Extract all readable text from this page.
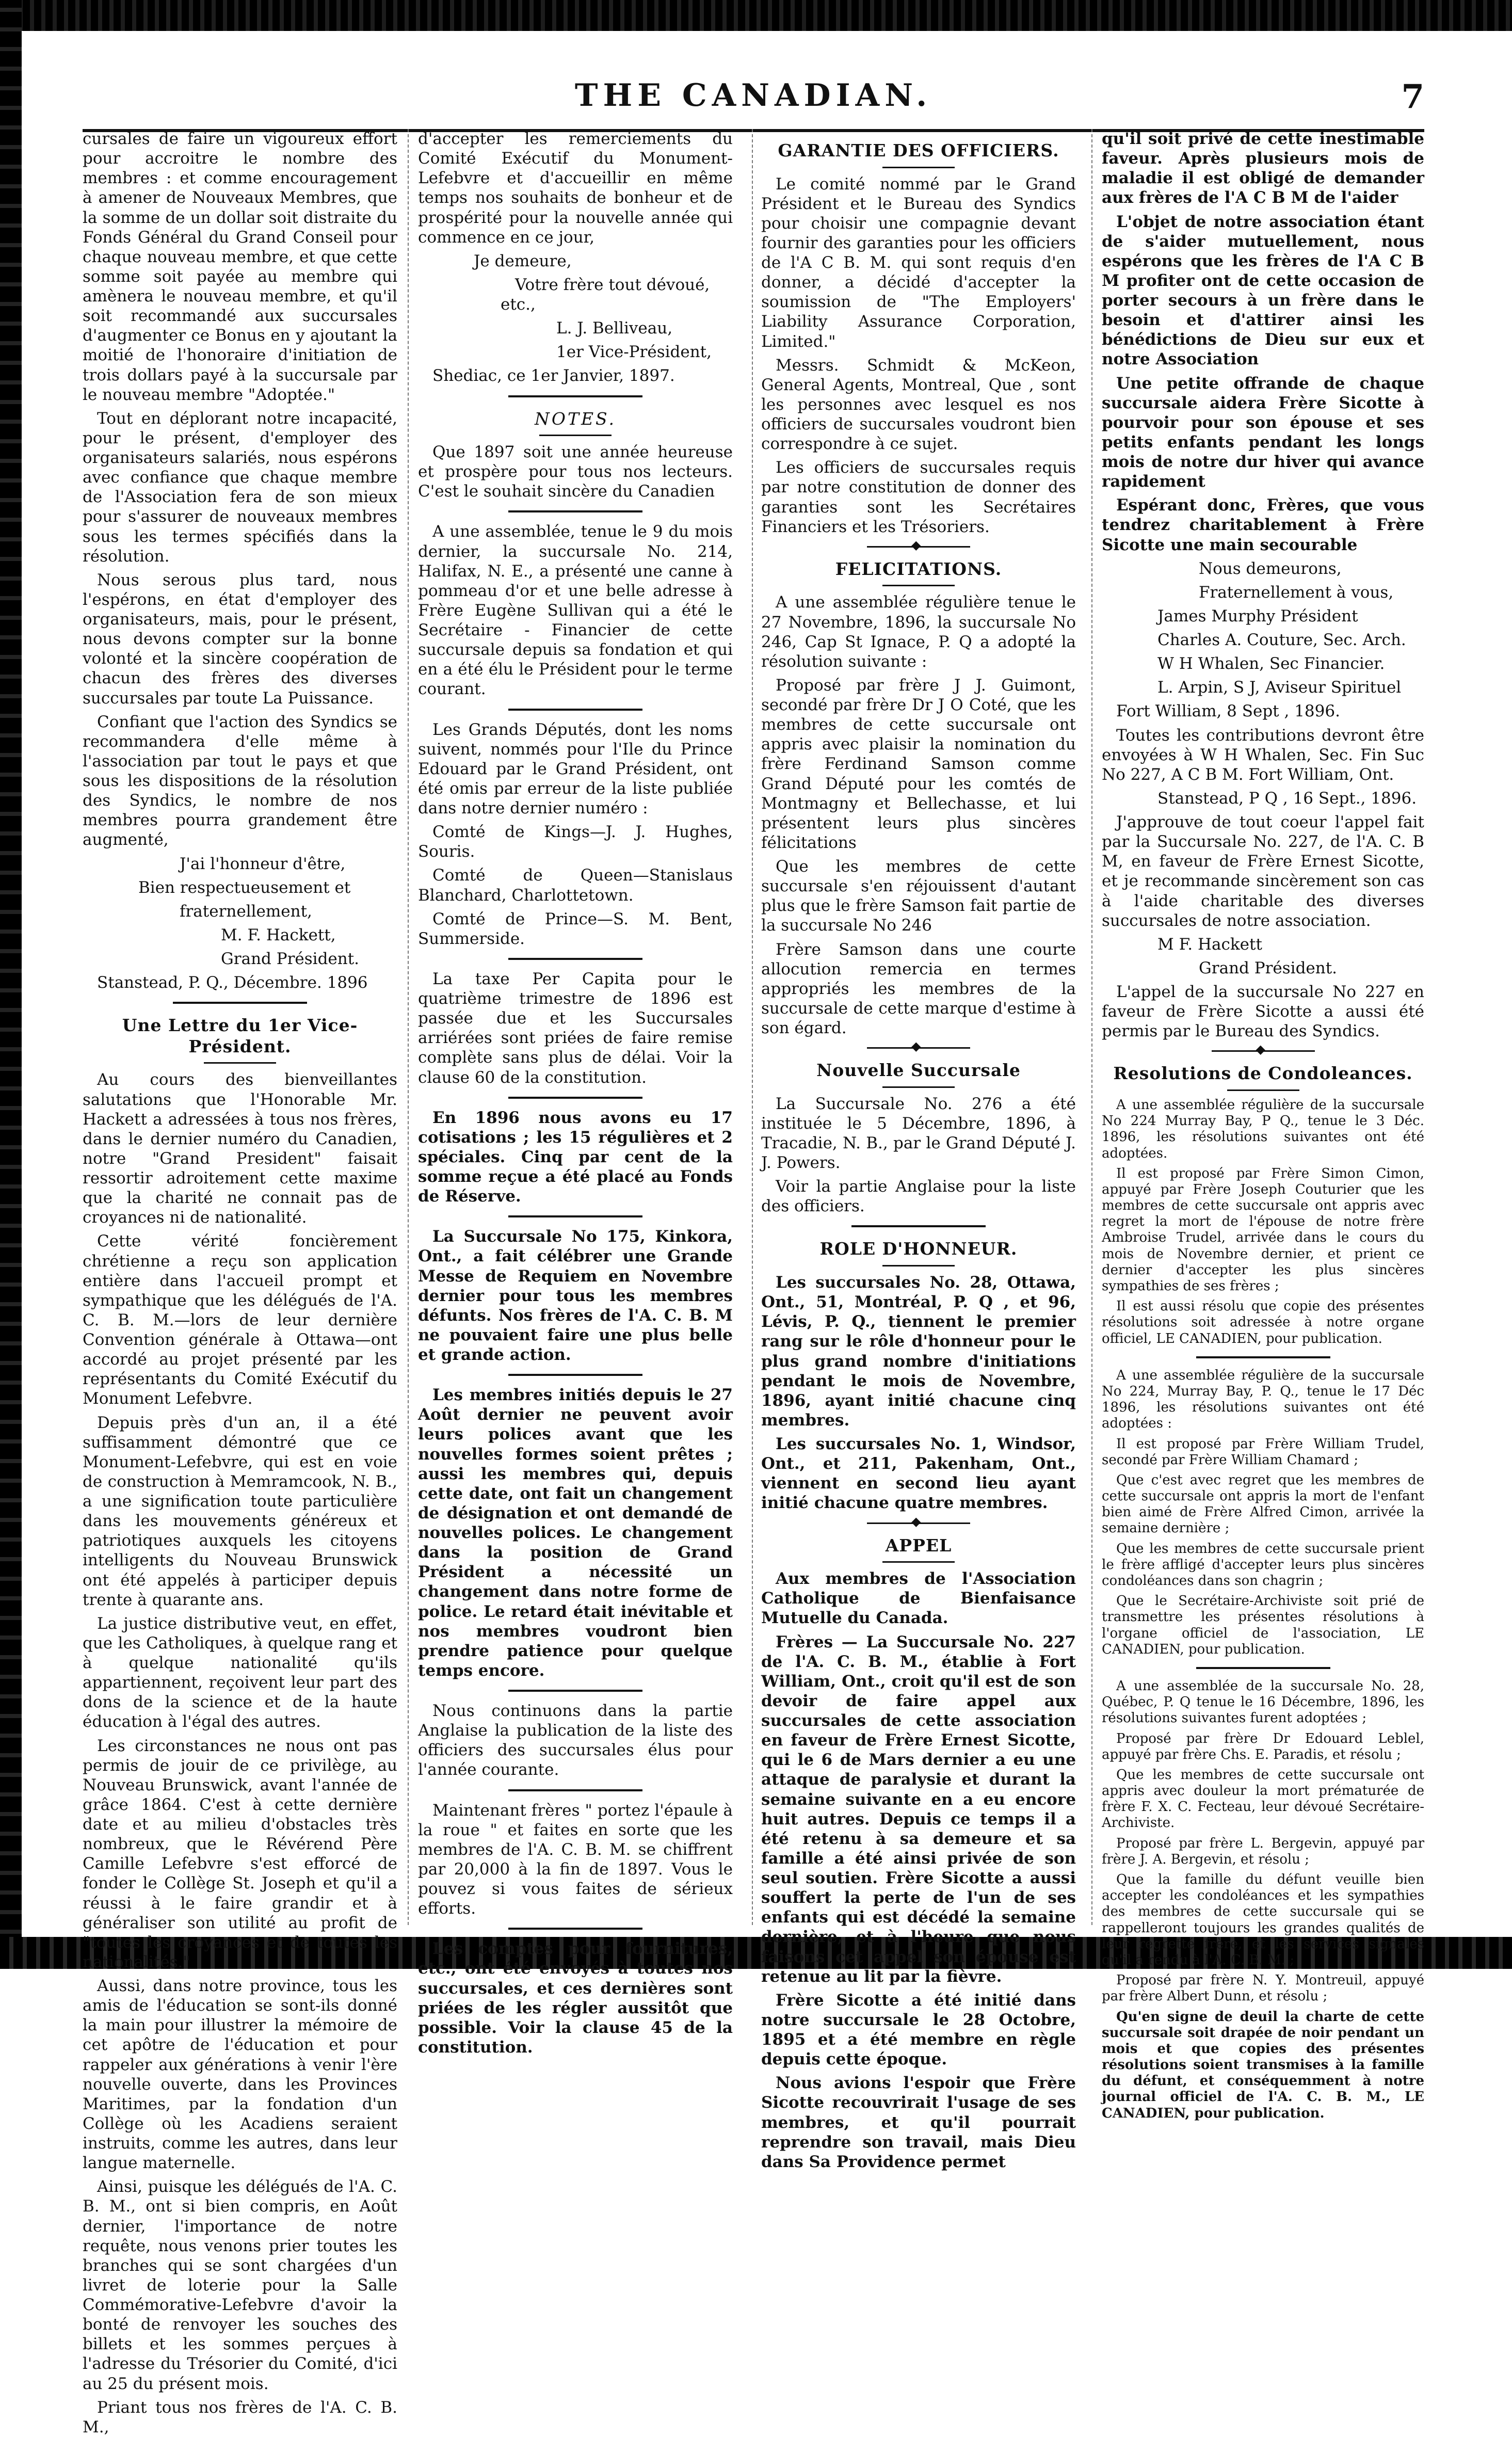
THE CANADIAN.	7

cursales de faire un vigoureux effort pour accroitre le nombre des membres : et comme encouragement à amener de Nouveaux Membres, que la somme de un dollar soit distraite du Fonds Général du Grand Conseil pour chaque nouveau membre, et que cette somme soit payée au membre qui amènera le nouveau membre, et qu'il soit recommandé aux succursales d'augmenter ce Bonus en y ajoutant la moitié de l'honoraire d'initiation de trois dollars payé à la succursale par le nouveau membre "Adoptée."

Tout en déplorant notre incapacité, pour le présent, d'employer des organisateurs salariés, nous espérons avec confiance que chaque membre de l'Association fera de son mieux pour s'assurer de nouveaux membres sous les termes spécifiés dans la résolution.

Nous serous plus tard, nous l'espérons, en état d'employer des organisateurs, mais, pour le présent, nous devons compter sur la bonne volonté et la sincère coopération de chacun des frères des diverses succursales par toute La Puissance.

Confiant que l'action des Syndics se recommandera d'elle même à l'association par tout le pays et que sous les dispositions de la résolution des Syndics, le nombre de nos membres pourra grandement être augmenté,

J'ai l'honneur d'être,

Bien respectueusement et

fraternellement,

M. F. Hackett,

Grand Président.

Stanstead, P. Q., Décembre. 1896

Une Lettre du 1er Vice-Président.

Au cours des bienveillantes salutations que l'Honorable Mr. Hackett a adressées à tous nos frères, dans le dernier numéro du Canadien, notre "Grand President" faisait ressortir adroitement cette maxime que la charité ne connait pas de croyances ni de nationalité.

Cette vérité foncièrement chrétienne a reçu son application entière dans l'accueil prompt et sympathique que les délégués de l'A. C. B. M.—lors de leur dernière Convention générale à Ottawa—ont accordé au projet présenté par les représentants du Comité Exécutif du Monument Lefebvre.

Depuis près d'un an, il a été suffisamment démontré que ce Monument-Lefebvre, qui est en voie de construction à Memramcook, N. B., a une signification toute particulière dans les mouvements généreux et patriotiques auxquels les citoyens intelligents du Nouveau Brunswick ont été appelés à participer depuis trente à quarante ans.

La justice distributive veut, en effet, que les Catholiques, à quelque rang et à quelque nationalité qu'ils appartiennent, reçoivent leur part des dons de la science et de la haute éducation à l'égal des autres.

Les circonstances ne nous ont pas permis de jouir de ce privilège, au Nouveau Brunswick, avant l'année de grâce 1864. C'est à cette dernière date et au milieu d'obstacles très nombreux, que le Révérend Père Camille Lefebvre s'est efforcé de fonder le Collège St. Joseph et qu'il a réussi à le faire grandir et à généraliser son utilité au profit de "toutes les croyances et de toutes les nationalités."

Aussi, dans notre province, tous les amis de l'éducation se sont-ils donné la main pour illustrer la mémoire de cet apôtre de l'éducation et pour rappeler aux générations à venir l'ère nouvelle ouverte, dans les Provinces Maritimes, par la fondation d'un Collège où les Acadiens seraient instruits, comme les autres, dans leur langue maternelle.

Ainsi, puisque les délégués de l'A. C. B. M., ont si bien compris, en Août dernier, l'importance de notre requête, nous venons prier toutes les branches qui se sont chargées d'un livret de loterie pour la Salle Commémorative-Lefebvre d'avoir la bonté de renvoyer les souches des billets et les sommes perçues à l'adresse du Trésorier du Comité, d'ici au 25 du présent mois.

Priant tous nos frères de l'A. C. B. M.,

d'accepter les remerciements du Comité Exécutif du Monument-Lefebvre et d'accueillir en même temps nos souhaits de bonheur et de prospérité pour la nouvelle année qui commence en ce jour,

Je demeure,

Votre frère tout dévoué, etc.,

L. J. Belliveau,

1er Vice-Président,

Shediac, ce 1er Janvier, 1897.

NOTES.

Que 1897 soit une année heureuse et prospère pour tous nos lecteurs. C'est le souhait sincère du Canadien

A une assemblée, tenue le 9 du mois dernier, la succursale No. 214, Halifax, N. E., a présenté une canne à pommeau d'or et une belle adresse à Frère Eugène Sullivan qui a été le Secrétaire - Financier de cette succursale depuis sa fondation et qui en a été élu le Président pour le terme courant.

Les Grands Députés, dont les noms suivent, nommés pour l'Ile du Prince Edouard par le Grand Président, ont été omis par erreur de la liste publiée dans notre dernier numéro :

Comté de Kings—J. J. Hughes, Souris.

Comté de Queen—Stanislaus Blanchard, Charlottetown.

Comté de Prince—S. M. Bent, Summerside.

La taxe Per Capita pour le quatrième trimestre de 1896 est passée due et les Succursales arriérées sont priées de faire remise complète sans plus de délai. Voir la clause 60 de la constitution.

En 1896 nous avons eu 17 cotisations ; les 15 régulières et 2 spéciales. Cinq par cent de la somme reçue a été placé au Fonds de Réserve.

La Succursale No 175, Kinkora, Ont., a fait célébrer une Grande Messe de Requiem en Novembre dernier pour tous les membres défunts. Nos frères de l'A. C. B. M ne pouvaient faire une plus belle et grande action.

Les membres initiés depuis le 27 Août dernier ne peuvent avoir leurs polices avant que les nouvelles formes soient prêtes ; aussi les membres qui, depuis cette date, ont fait un changement de désignation et ont demandé de nouvelles polices. Le changement dans la position de Grand Président a nécessité un changement dans notre forme de police. Le retard était inévitable et nos membres voudront bien prendre patience pour quelque temps encore.

Nous continuons dans la partie Anglaise la publication de la liste des officiers des succursales élus pour l'année courante.

Maintenant frères " portez l'épaule à la roue " et faites en sorte que les membres de l'A. C. B. M. se chiffrent par 20,000 à la fin de 1897. Vous le pouvez si vous faites de sérieux efforts.

Les comptes pour fournitures, etc., ont été envoyés à toutes nos succursales, et ces dernières sont priées de les régler aussitôt que possible. Voir la clause 45 de la constitution.

GARANTIE DES OFFICIERS.

Le comité nommé par le Grand Président et le Bureau des Syndics pour choisir une compagnie devant fournir des garanties pour les officiers de l'A C B. M. qui sont requis d'en donner, a décidé d'accepter la soumission de "The Employers' Liability Assurance Corporation, Limited."

Messrs. Schmidt & McKeon, General Agents, Montreal, Que , sont les personnes avec lesquel es nos officiers de succursales voudront bien correspondre à ce sujet.

Les officiers de succursales requis par notre constitution de donner des garanties sont les Secrétaires Financiers et les Trésoriers.

◆
FELICITATIONS.

A une assemblée régulière tenue le 27 Novembre, 1896, la succursale No 246, Cap St Ignace, P. Q a adopté la résolution suivante :

Proposé par frère J J. Guimont, secondé par frère Dr J O Coté, que les membres de cette succursale ont appris avec plaisir la nomination du frère Ferdinand Samson comme Grand Député pour les comtés de Montmagny et Bellechasse, et lui présentent leurs plus sincères félicitations

Que les membres de cette succursale s'en réjouissent d'autant plus que le frère Samson fait partie de la succursale No 246

Frère Samson dans une courte allocution remercia en termes appropriés les membres de la succursale de cette marque d'estime à son égard.

◆
Nouvelle Succursale

La Succursale No. 276 a été instituée le 5 Décembre, 1896, à Tracadie, N. B., par le Grand Député J. J. Powers.

Voir la partie Anglaise pour la liste des officiers.

ROLE D'HONNEUR.

Les succursales No. 28, Ottawa, Ont., 51, Montréal, P. Q , et 96, Lévis, P. Q., tiennent le premier rang sur le rôle d'honneur pour le plus grand nombre d'initiations pendant le mois de Novembre, 1896, ayant initié chacune cinq membres.

Les succursales No. 1, Windsor, Ont., et 211, Pakenham, Ont., viennent en second lieu ayant initié chacune quatre membres.

◆
APPEL

Aux membres de l'Association Catholique de Bienfaisance Mutuelle du Canada.

Frères — La Succursale No. 227 de l'A. C. B. M., établie à Fort William, Ont., croit qu'il est de son devoir de faire appel aux succursales de cette association en faveur de Frère Ernest Sicotte, qui le 6 de Mars dernier a eu une attaque de paralysie et durant la semaine suivante en a eu encore huit autres. Depuis ce temps il a été retenu à sa demeure et sa famille a été ainsi privée de son seul soutien. Frère Sicotte a aussi souffert la perte de l'un de ses enfants qui est décédé la semaine dernière, et à l'heure que nous faisons cet appel son épouse est retenue au lit par la fièvre.

Frère Sicotte a été initié dans notre succursale le 28 Octobre, 1895 et a été membre en règle depuis cette époque.

Nous avions l'espoir que Frère Sicotte recouvrirait l'usage de ses membres, et qu'il pourrait reprendre son travail, mais Dieu dans Sa Providence permet

qu'il soit privé de cette inestimable faveur. Après plusieurs mois de maladie il est obligé de demander aux frères de l'A C B M de l'aider

L'objet de notre association étant de s'aider mutuellement, nous espérons que les frères de l'A C B M profiter ont de cette occasion de porter secours à un frère dans le besoin et d'attirer ainsi les bénédictions de Dieu sur eux et notre Association

Une petite offrande de chaque succursale aidera Frère Sicotte à pourvoir pour son épouse et ses petits enfants pendant les longs mois de notre dur hiver qui avance rapidement

Espérant donc, Frères, que vous tendrez charitablement à Frère Sicotte une main secourable

Nous demeurons,

Fraternellement à vous,

James Murphy Président

Charles A. Couture, Sec. Arch.

W H Whalen, Sec Financier.

L. Arpin, S J, Aviseur Spirituel

Fort William, 8 Sept , 1896.

Toutes les contributions devront être envoyées à W H Whalen, Sec. Fin Suc No 227, A C B M. Fort William, Ont.

Stanstead, P Q , 16 Sept., 1896.

J'approuve de tout coeur l'appel fait par la Succursale No. 227, de l'A. C. B M, en faveur de Frère Ernest Sicotte, et je recommande sincèrement son cas à l'aide charitable des diverses succursales de notre association.

M F. Hackett

Grand Président.

L'appel de la succursale No 227 en faveur de Frère Sicotte a aussi été permis par le Bureau des Syndics.

◆
Resolutions de Condoleances.

A une assemblée régulière de la succursale No 224 Murray Bay, P Q., tenue le 3 Déc. 1896, les résolutions suivantes ont été adoptées.

Il est proposé par Frère Simon Cimon, appuyé par Frère Joseph Couturier que les membres de cette succursale ont appris avec regret la mort de l'épouse de notre frère Ambroise Trudel, arrivée dans le cours du mois de Novembre dernier, et prient ce dernier d'accepter les plus sincères sympathies de ses frères ;

Il est aussi résolu que copie des présentes résolutions soit adressée à notre organe officiel, LE CANADIEN, pour publication.

A une assemblée régulière de la succursale No 224, Murray Bay, P. Q., tenue le 17 Déc 1896, les résolutions suivantes ont été adoptées :

Il est proposé par Frère William Trudel, secondé par Frère William Chamard ;

Que c'est avec regret que les membres de cette succursale ont appris la mort de l'enfant bien aimé de Frère Alfred Cimon, arrivée la semaine dernière ;

Que les membres de cette succursale prient le frère affligé d'accepter leurs plus sincères condoléances dans son chagrin ;

Que le Secrétaire-Archiviste soit prié de transmettre les présentes résolutions à l'organe officiel de l'association, LE CANADIEN, pour publication.

A une assemblée de la succursale No. 28, Québec, P. Q tenue le 16 Décembre, 1896, les résolutions suivantes furent adoptées ;

Proposé par frère Dr Edouard Leblel, appuyé par frère Chs. E. Paradis, et résolu ;

Que les membres de cette succursale ont appris avec douleur la mort prématurée de frère F. X. C. Fecteau, leur dévoué Secrétaire-Archiviste.

Proposé par frère L. Bergevin, appuyé par frère J. A. Bergevin, et résolu ;

Que la famille du défunt veuille bien accepter les condoléances et les sympathies des membres de cette succursale qui se rappelleront toujours les grandes qualités de leur regretté frère, et les services signalés qu'il a rendu à l'A. C. B. M. ;

Proposé par frère N. Y. Montreuil, appuyé par frère Albert Dunn, et résolu ;

Qu'en signe de deuil la charte de cette succursale soit drapée de noir pendant un mois et que copies des présentes résolutions soient transmises à la famille du défunt, et conséquemment à notre journal officiel de l'A. C. B. M., LE CANADIEN, pour publication.
